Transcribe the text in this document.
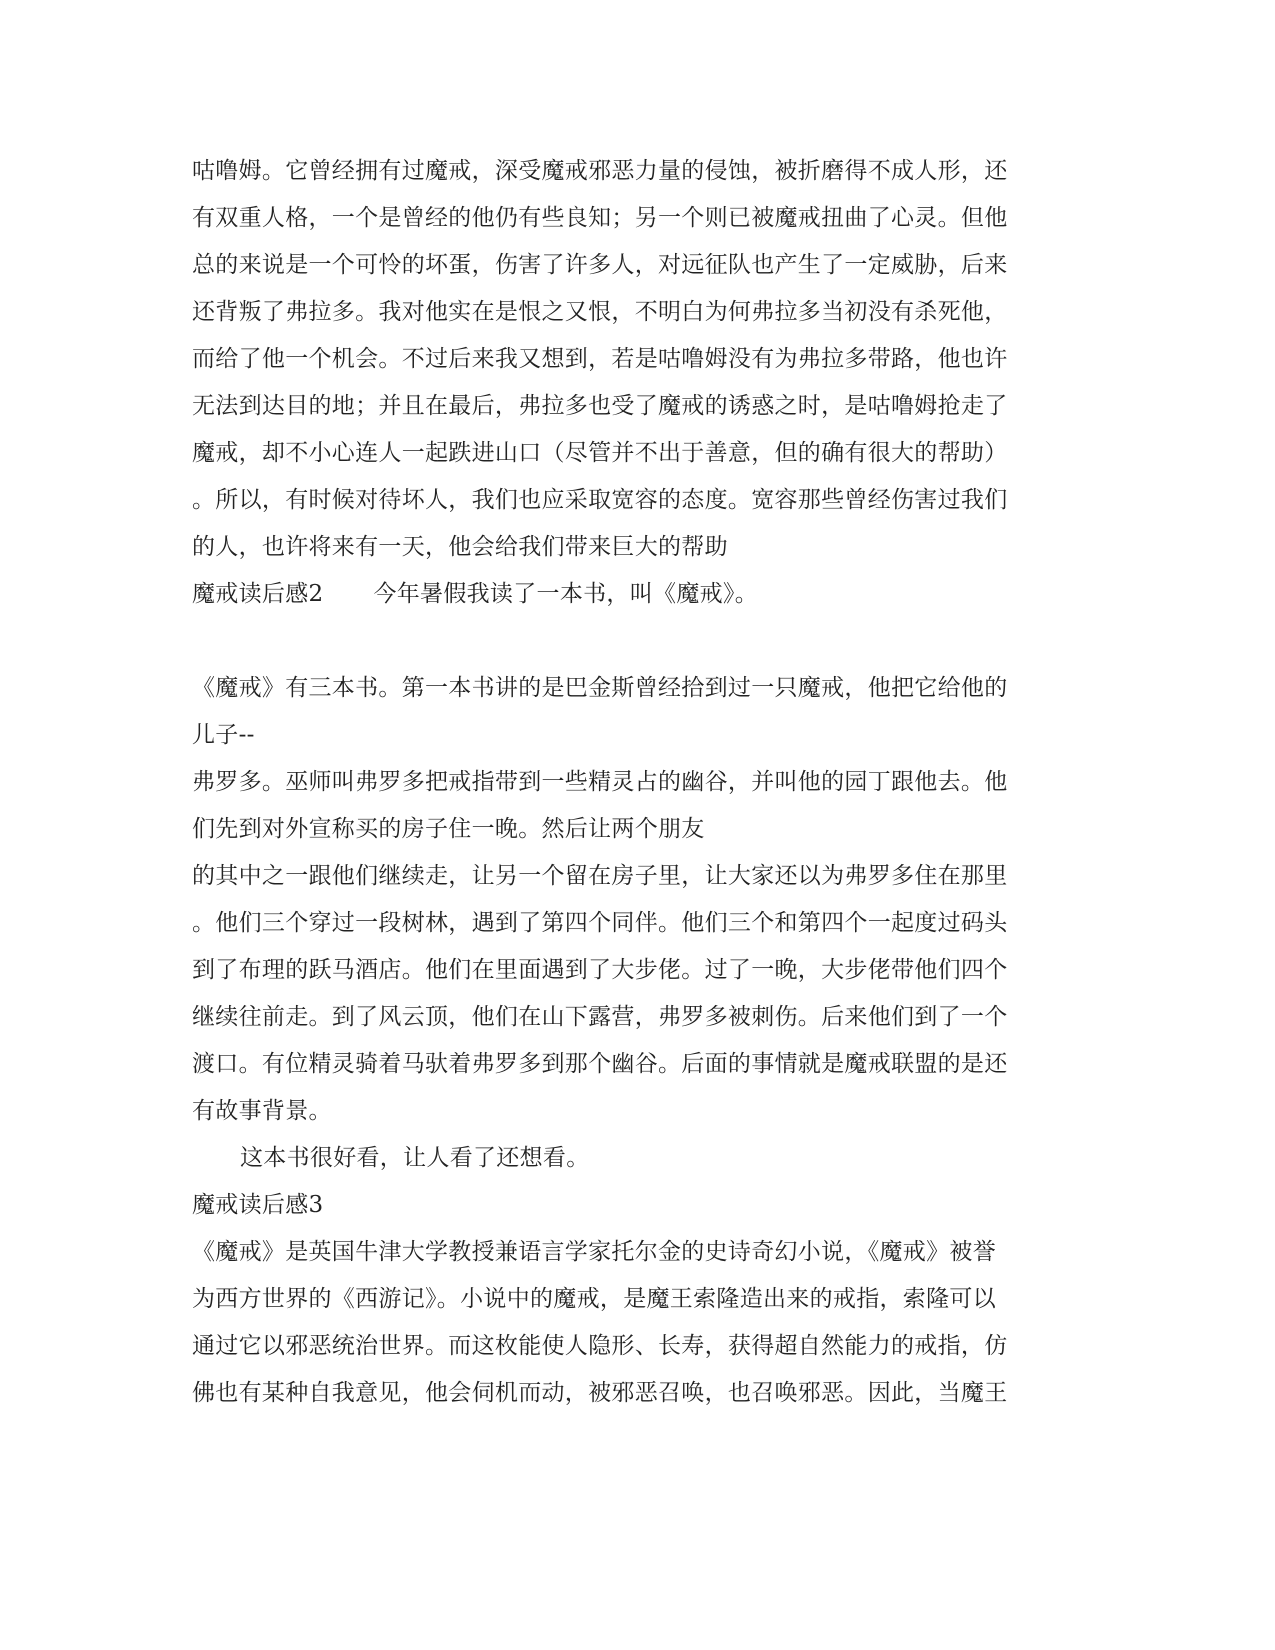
咕噜姆。它曾经拥有过魔戒，深受魔戒邪恶力量的侵蚀，被折磨得不成人形，还
有双重人格，一个是曾经的他仍有些良知；另一个则已被魔戒扭曲了心灵。但他
总的来说是一个可怜的坏蛋，伤害了许多人，对远征队也产生了一定威胁，后来
还背叛了弗拉多。我对他实在是恨之又恨，不明白为何弗拉多当初没有杀死他，
而给了他一个机会。不过后来我又想到，若是咕噜姆没有为弗拉多带路，他也许
无法到达目的地；并且在最后，弗拉多也受了魔戒的诱惑之时，是咕噜姆抢走了
魔戒，却不小心连人一起跌进山口（尽管并不出于善意，但的确有很大的帮助）
。所以，有时候对待坏人，我们也应采取宽容的态度。宽容那些曾经伤害过我们
的人，也许将来有一天，他会给我们带来巨大的帮助
魔戒读后感2 今年暑假我读了一本书，叫《魔戒》。
《魔戒》有三本书。第一本书讲的是巴金斯曾经拾到过一只魔戒，他把它给他的
儿子--
弗罗多。巫师叫弗罗多把戒指带到一些精灵占的幽谷，并叫他的园丁跟他去。他
们先到对外宣称买的房子住一晚。然后让两个朋友
的其中之一跟他们继续走，让另一个留在房子里，让大家还以为弗罗多住在那里
。他们三个穿过一段树林，遇到了第四个同伴。他们三个和第四个一起度过码头
到了布理的跃马酒店。他们在里面遇到了大步佬。过了一晚，大步佬带他们四个
继续往前走。到了风云顶，他们在山下露营，弗罗多被刺伤。后来他们到了一个
渡口。有位精灵骑着马驮着弗罗多到那个幽谷。后面的事情就是魔戒联盟的是还
有故事背景。
这本书很好看，让人看了还想看。
魔戒读后感3
《魔戒》是英国牛津大学教授兼语言学家托尔金的史诗奇幻小说，《魔戒》被誉
为西方世界的《西游记》。小说中的魔戒，是魔王索隆造出来的戒指，索隆可以
通过它以邪恶统治世界。而这枚能使人隐形、长寿，获得超自然能力的戒指，仿
佛也有某种自我意见，他会伺机而动，被邪恶召唤，也召唤邪恶。因此，当魔王
